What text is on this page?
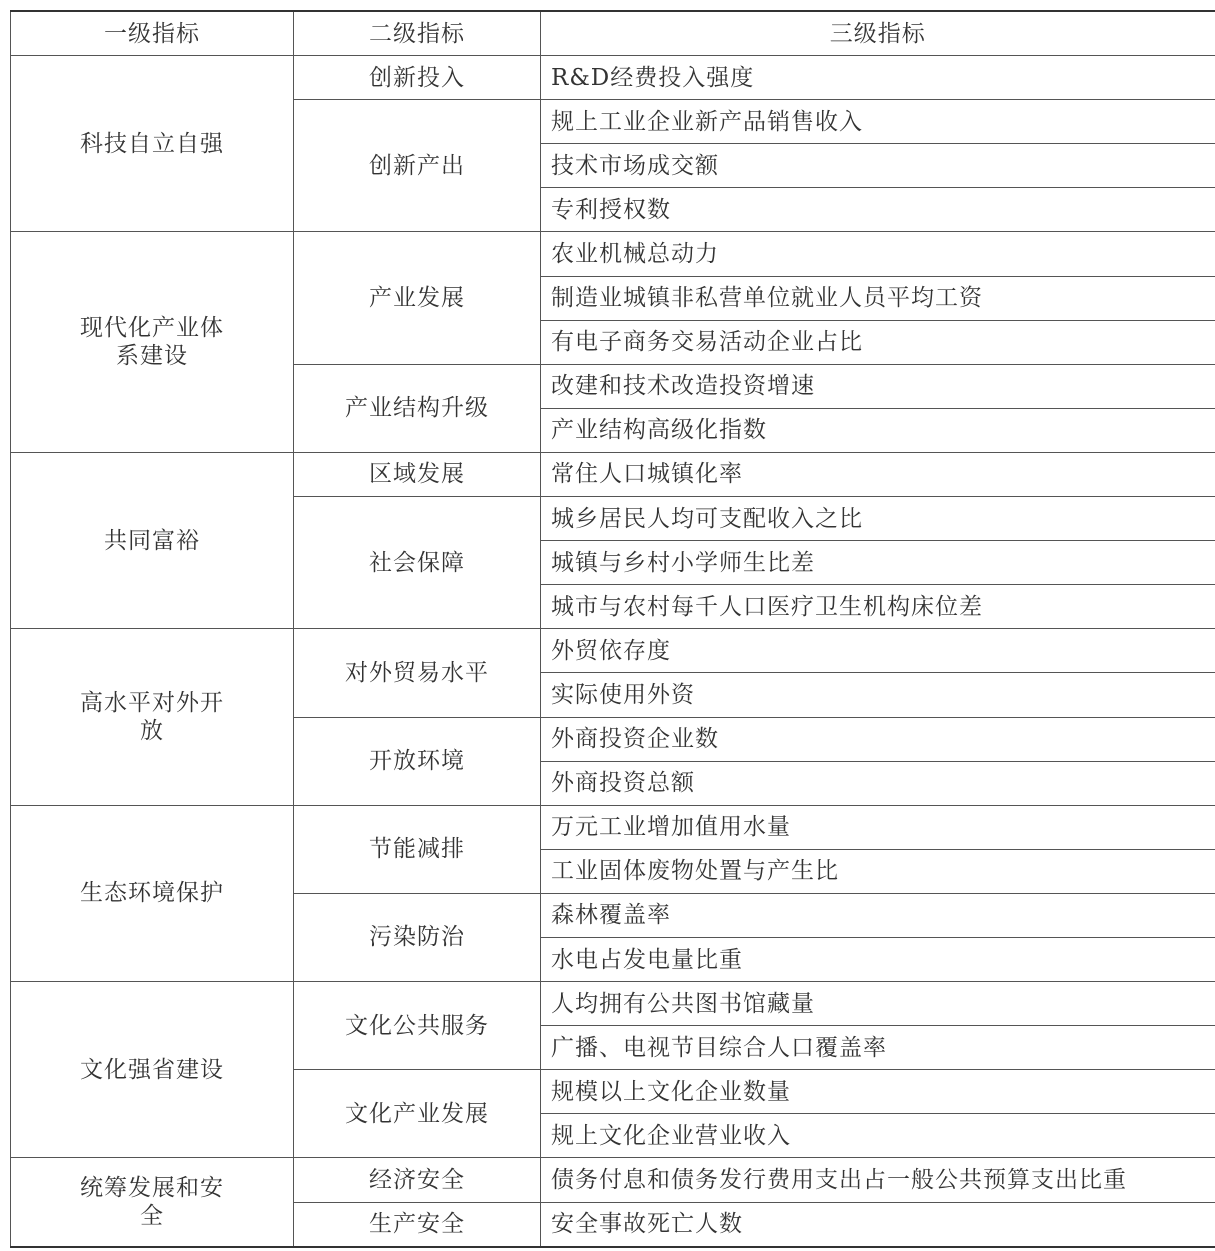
一级指标	二级指标	三级指标
科技自立自强	创新投入	R&D经费投入强度
	创新产出	规上工业企业新产品销售收入
		技术市场成交额
		专利授权数
现代化产业体系建设	产业发展	农业机械总动力
		制造业城镇非私营单位就业人员平均工资
		有电子商务交易活动企业占比
	产业结构升级	改建和技术改造投资增速
		产业结构高级化指数
共同富裕	区域发展	常住人口城镇化率
	社会保障	城乡居民人均可支配收入之比
		城镇与乡村小学师生比差
		城市与农村每千人口医疗卫生机构床位差
高水平对外开放	对外贸易水平	外贸依存度
		实际使用外资
	开放环境	外商投资企业数
		外商投资总额
生态环境保护	节能减排	万元工业增加值用水量
		工业固体废物处置与产生比
	污染防治	森林覆盖率
		水电占发电量比重
文化强省建设	文化公共服务	人均拥有公共图书馆藏量
		广播、电视节目综合人口覆盖率
	文化产业发展	规模以上文化企业数量
		规上文化企业营业收入
统筹发展和安全	经济安全	债务付息和债务发行费用支出占一般公共预算支出比重
	生产安全	安全事故死亡人数
